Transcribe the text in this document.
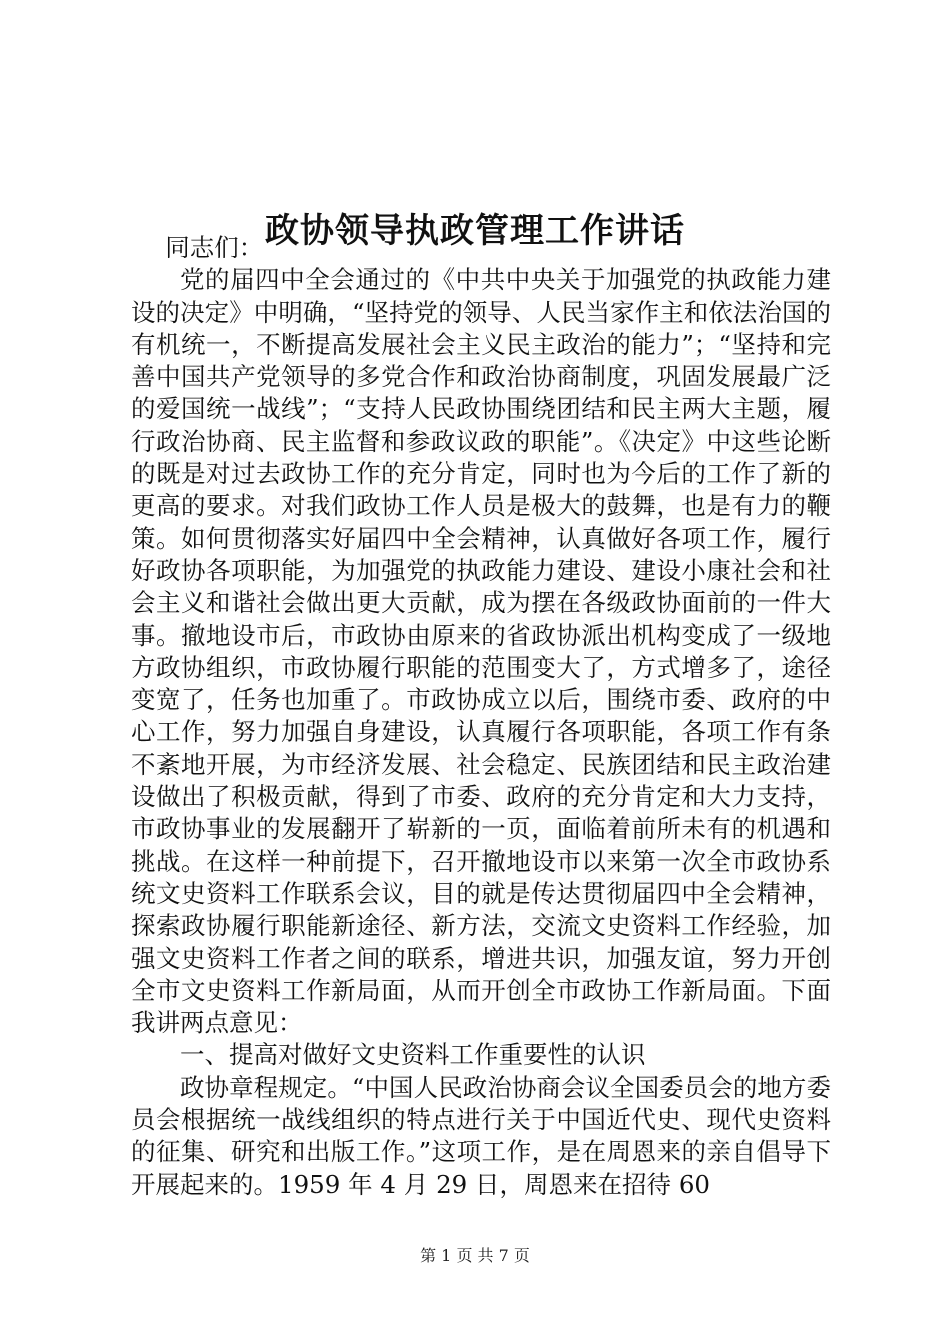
政协领导执政管理工作讲话

同志们：

党的届四中全会通过的《中共中央关于加强党的执政能力建设的决定》中明确，“坚持党的领导、人民当家作主和依法治国的有机统一，不断提高发展社会主义民主政治的能力”；“坚持和完善中国共产党领导的多党合作和政治协商制度，巩固发展最广泛的爱国统一战线”；“支持人民政协围绕团结和民主两大主题，履行政治协商、民主监督和参政议政的职能”。《决定》中这些论断的既是对过去政协工作的充分肯定，同时也为今后的工作了新的更高的要求。对我们政协工作人员是极大的鼓舞，也是有力的鞭策。如何贯彻落实好届四中全会精神，认真做好各项工作，履行好政协各项职能，为加强党的执政能力建设、建设小康社会和社会主义和谐社会做出更大贡献，成为摆在各级政协面前的一件大事。撤地设市后，市政协由原来的省政协派出机构变成了一级地方政协组织，市政协履行职能的范围变大了，方式增多了，途径变宽了，任务也加重了。市政协成立以后，围绕市委、政府的中心工作，努力加强自身建设，认真履行各项职能，各项工作有条不紊地开展，为市经济发展、社会稳定、民族团结和民主政治建设做出了积极贡献，得到了市委、政府的充分肯定和大力支持，市政协事业的发展翻开了崭新的一页，面临着前所未有的机遇和挑战。在这样一种前提下，召开撤地设市以来第一次全市政协系统文史资料工作联系会议，目的就是传达贯彻届四中全会精神，探索政协履行职能新途径、新方法，交流文史资料工作经验，加强文史资料工作者之间的联系，增进共识，加强友谊，努力开创全市文史资料工作新局面，从而开创全市政协工作新局面。下面我讲两点意见：

一、提高对做好文史资料工作重要性的认识

政协章程规定。“中国人民政治协商会议全国委员会的地方委员会根据统一战线组织的特点进行关于中国近代史、现代史资料的征集、研究和出版工作。”这项工作，是在周恩来的亲自倡导下开展起来的。1959 年 4 月 29 日，周恩来在招待 60

第 1 页 共 7 页
